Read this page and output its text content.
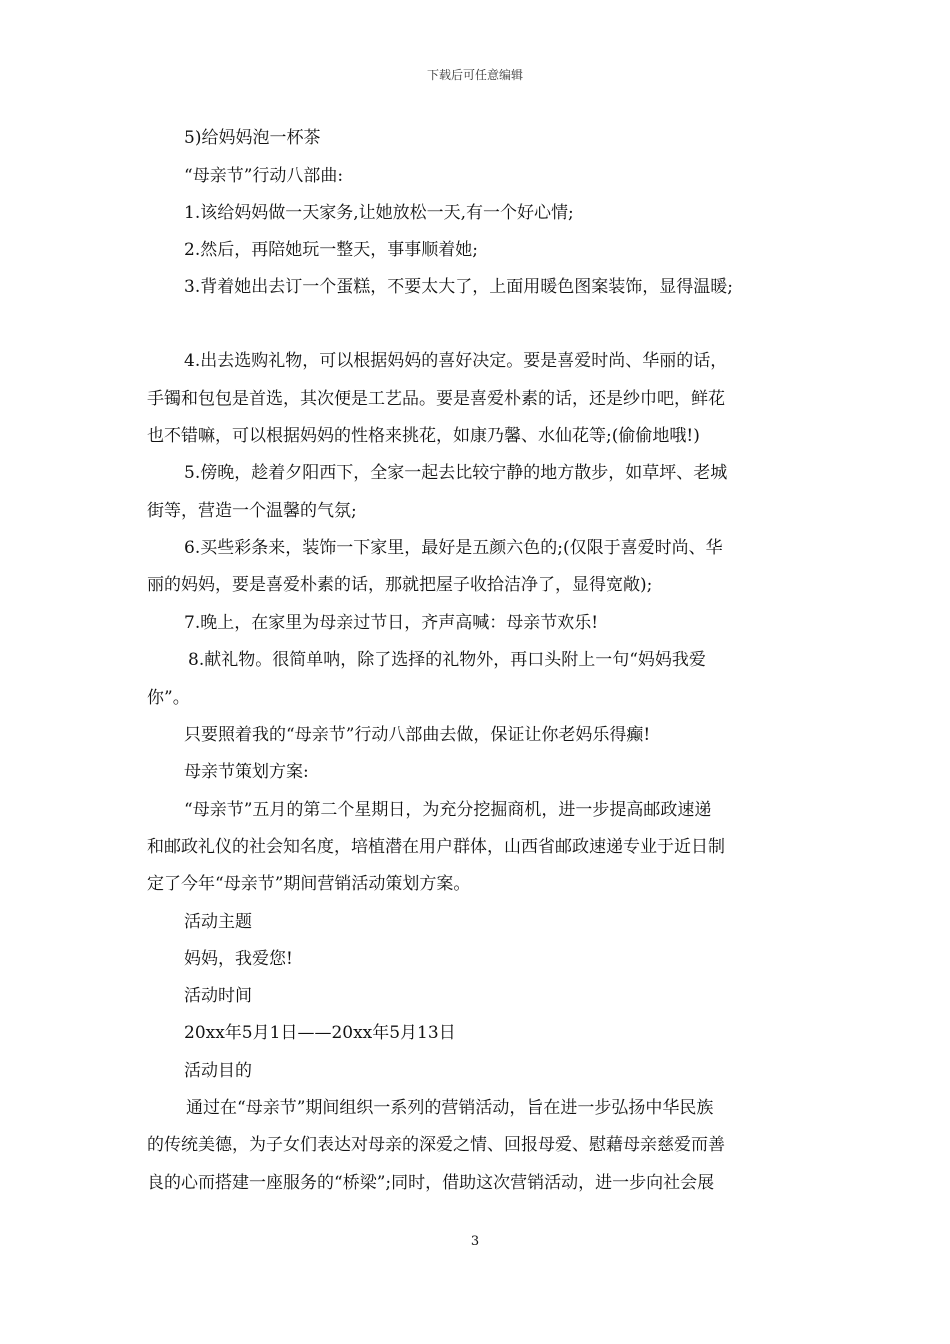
下载后可任意编辑
5)给妈妈泡一杯茶
“母亲节”行动八部曲:
1.该给妈妈做一天家务,让她放松一天,有一个好心情;
2.然后，再陪她玩一整天，事事顺着她;
3.背着她出去订一个蛋糕，不要太大了，上面用暖色图案装饰，显得温暖;
4.出去选购礼物，可以根据妈妈的喜好决定。要是喜爱时尚、华丽的话，
手镯和包包是首选，其次便是工艺品。要是喜爱朴素的话，还是纱巾吧，鲜花
也不错嘛，可以根据妈妈的性格来挑花，如康乃馨、水仙花等;(偷偷地哦!)
5.傍晚，趁着夕阳西下，全家一起去比较宁静的地方散步，如草坪、老城
街等，营造一个温馨的气氛;
6.买些彩条来，装饰一下家里，最好是五颜六色的;(仅限于喜爱时尚、华
丽的妈妈，要是喜爱朴素的话，那就把屋子收拾洁净了，显得宽敞);
7.晚上，在家里为母亲过节日，齐声高喊：母亲节欢乐!
8.献礼物。很简单呐，除了选择的礼物外，再口头附上一句“妈妈我爱
你”。
只要照着我的“母亲节”行动八部曲去做，保证让你老妈乐得癫!
母亲节策划方案:
“母亲节”五月的第二个星期日，为充分挖掘商机，进一步提高邮政速递
和邮政礼仪的社会知名度，培植潜在用户群体，山西省邮政速递专业于近日制
定了今年“母亲节”期间营销活动策划方案。
活动主题
妈妈，我爱您!
活动时间
20xx年5月1日——20xx年5月13日
活动目的
通过在“母亲节”期间组织一系列的营销活动，旨在进一步弘扬中华民族
的传统美德，为子女们表达对母亲的深爱之情、回报母爱、慰藉母亲慈爱而善
良的心而搭建一座服务的“桥梁”;同时，借助这次营销活动，进一步向社会展
3
